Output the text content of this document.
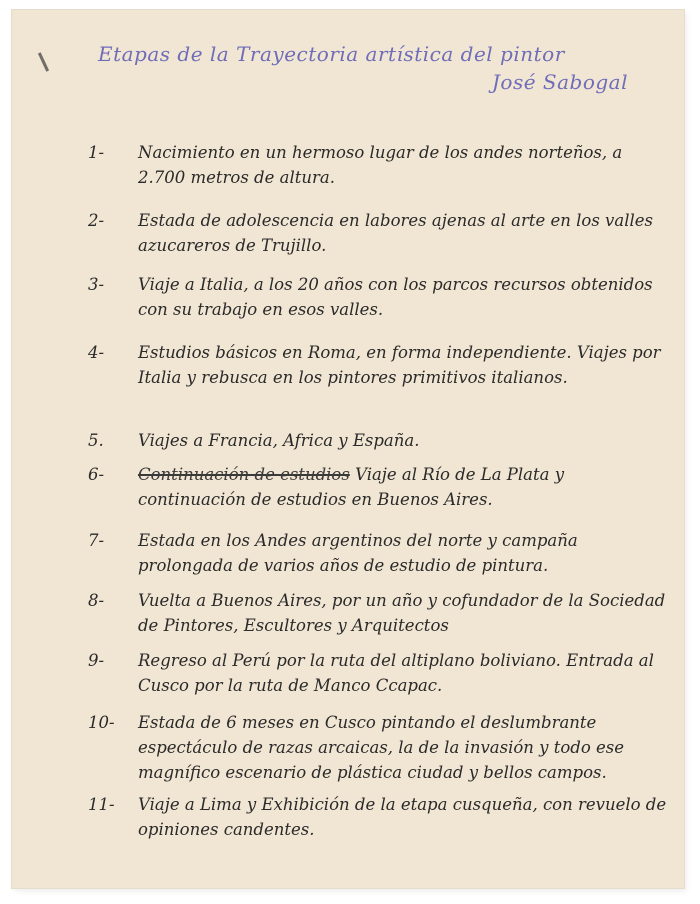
Etapas de la Trayectoria artística del pintor
José Sabogal
1-	Nacimiento en un hermoso lugar de los andes norteños, a 2.700 metros de altura.
2-	Estada de adolescencia en labores ajenas al arte en los valles azucareros de Trujillo.
3-	Viaje a Italia, a los 20 años con los parcos recursos obtenidos con su trabajo en esos valles.
4-	Estudios básicos en Roma, en forma independiente. Viajes por Italia y rebusca en los pintores primitivos italianos.
5.	Viajes a Francia, Africa y España.
6-	Continuación de estudios Viaje al Río de La Plata y continuación de estudios en Buenos Aires.
7-	Estada en los Andes argentinos del norte y campaña prolongada de varios años de estudio de pintura.
8-	Vuelta a Buenos Aires, por un año y cofundador de la Sociedad de Pintores, Escultores y Arquitectos
9-	Regreso al Perú por la ruta del altiplano boliviano. Entrada al Cusco por la ruta de Manco Ccapac.
10-	Estada de 6 meses en Cusco pintando el deslumbrante espectáculo de razas arcaicas, la de la invasión y todo ese magnífico escenario de plástica ciudad y bellos campos.
11-	Viaje a Lima y Exhibición de la etapa cusqueña, con revuelo de opiniones candentes.
